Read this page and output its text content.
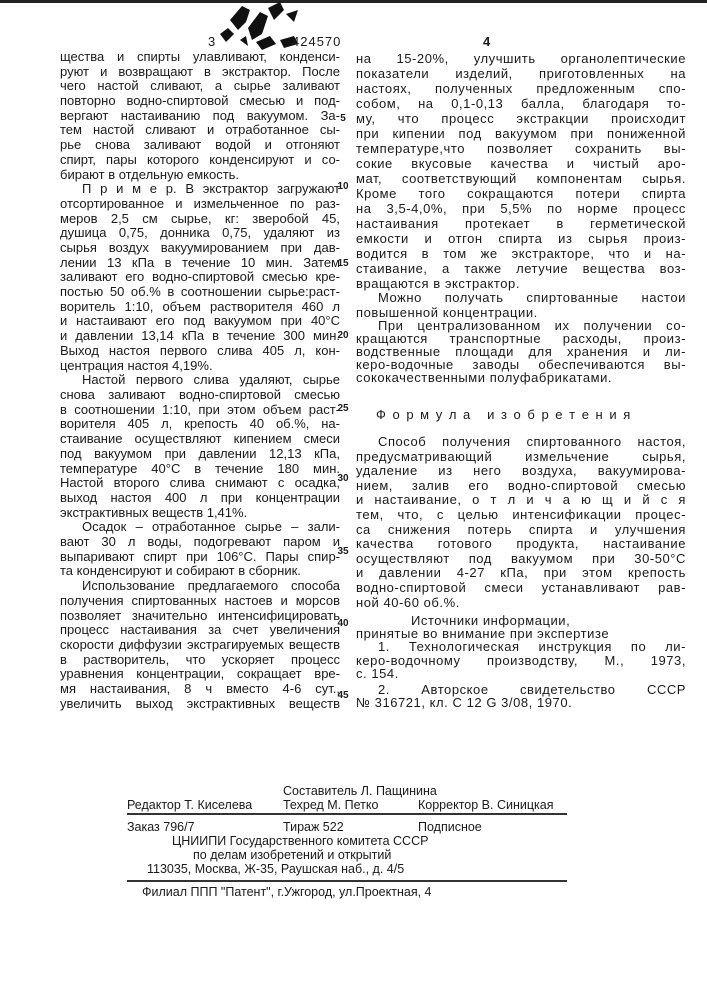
3	424570	4
щества и спирты улавливают, конденси-
руют и возвращают в экстрактор. После
чего настой сливают, а сырье заливают
повторно водно-спиртовой смесью и под-
вергают настаиванию под вакуумом. За-
тем настой сливают и отработанное сы-
рье снова заливают водой и отгоняют
спирт, пары которого конденсируют и со-
бирают в отдельную емкость.
П р и м е р. В экстрактор загружают
отсортированное и измельченное по раз-
меров 2,5 см сырье, кг: зверобой 45,
душица 0,75, донника 0,75, удаляют из
сырья воздух вакуумированием при дав-
лении 13 кПа в течение 10 мин. Затем
заливают его водно-спиртовой смесью кре-
постью 50 об.% в соотношении сырье:раст-
воритель 1:10, объем растворителя 460 л
и настаивают его под вакуумом при 40°С
и давлении 13,14 кПа в течение 300 мин.
Выход настоя первого слива 405 л, кон-
центрация настоя 4,19%.
Настой первого слива удаляют, сырье
снова заливают водно-спиртовой смесью
в соотношении 1:10, при этом объем раст-
ворителя 405 л, крепость 40 об.%, на-
стаивание осуществляют кипением смеси
под вакуумом при давлении 12,13 кПа,
температуре 40°С в течение 180 мин.
Настой второго слива снимают с осадка,
выход настоя 400 л при концентрации
экстрактивных веществ 1,41%.
Осадок – отработанное сырье – зали-
вают 30 л воды, подогревают паром и
выпаривают спирт при 106°С. Пары спир-
та конденсируют и собирают в сборник.
Использование предлагаемого способа
получения спиртованных настоев и морсов
позволяет значительно интенсифицировать
процесс настаивания за счет увеличения
скорости диффузии экстрагируемых веществ
в растворитель, что ускоряет процесс
уравнения концентрации, сокращает вре-
мя настаивания, 8 ч вместо 4-6 сут.,
увеличить выход экстрактивных веществ
5
10
15
20
25
30
35
40
45
на 15-20%, улучшить органолептические
показатели изделий, приготовленных на
настоях, полученных предложенным спо-
собом, на 0,1-0,13 балла, благодаря то-
му, что процесс экстракции происходит
при кипении под вакуумом при пониженной
температуре,что позволяет сохранить вы-
сокие вкусовые качества и чистый аро-
мат, соответствующий компонентам сырья.
Кроме того сокращаются потери спирта
на 3,5-4,0%, при 5,5% по норме процесс
настаивания протекает в герметической
емкости и отгон спирта из сырья произ-
водится в том же экстракторе, что и на-
стаивание, а также летучие вещества воз-
вращаются в экстрактор.
Можно получать спиртованные настои
повышенной концентрации.
При централизованном их получении со-
кращаются транспортные расходы, произ-
водственные площади для хранения и ли-
керо-водочные заводы обеспечиваются вы-
сококачественными полуфабрикатами.
Ф о р м у л а   и з о б р е т е н и я
Способ получения спиртованного настоя,
предусматривающий измельчение сырья,
удаление из него воздуха, вакуумирова-
нием, залив его водно-спиртовой смесью
и настаивание, о т л и ч а ю щ и й с я
тем, что, с целью интенсификации процес-
са снижения потерь спирта и улучшения
качества готового продукта, настаивание
осуществляют под вакуумом при 30-50°С
и давлении 4-27 кПа, при этом крепость
водно-спиртовой смеси устанавливают рав-
ной 40-60 об.%.
Источники информации,
принятые во внимание при экспертизе
1. Технологическая инструкция по ли-
керо-водочному производству, М., 1973,
с. 154.
2. Авторское свидетельство СССР
№ 316721, кл. С 12 G 3/08, 1970.
Составитель Л. Пащинина
Редактор Т. Киселева Техред М. Петко	Корректор В. Синицкая
Заказ 796/7	Тираж 522	Подписное
ЦНИИПИ Государственного комитета СССР
по делам изобретений и открытий
113035, Москва, Ж-35, Раушская наб., д. 4/5
Филиал ППП "Патент", г.Ужгород, ул.Проектная, 4
